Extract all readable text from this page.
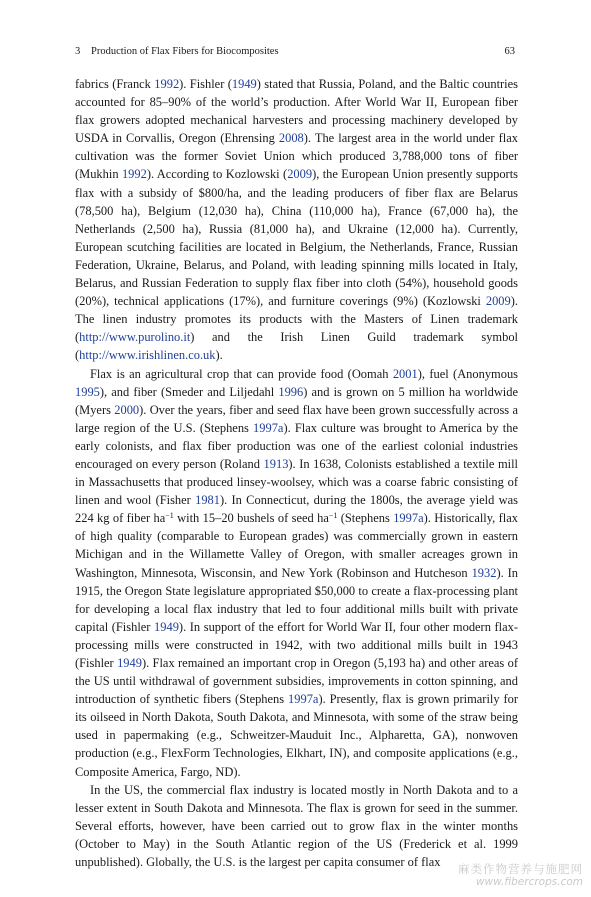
3 Production of Flax Fibers for Biocomposites	63

fabrics (Franck 1992). Fishler (1949) stated that Russia, Poland, and the Baltic countries accounted for 85–90% of the world’s production. After World War II, European fiber flax growers adopted mechanical harvesters and processing machinery developed by USDA in Corvallis, Oregon (Ehrensing 2008). The largest area in the world under flax cultivation was the former Soviet Union which produced 3,788,000 tons of fiber (Mukhin 1992). According to Kozlowski (2009), the European Union presently supports flax with a subsidy of $800/ha, and the leading producers of fiber flax are Belarus (78,500 ha), Belgium (12,030 ha), China (110,000 ha), France (67,000 ha), the Netherlands (2,500 ha), Russia (81,000 ha), and Ukraine (12,000 ha). Currently, European scutching facilities are located in Belgium, the Netherlands, France, Russian Federation, Ukraine, Belarus, and Poland, with leading spinning mills located in Italy, Belarus, and Russian Federation to supply flax fiber into cloth (54%), household goods (20%), technical applications (17%), and furniture coverings (9%) (Kozlowski 2009). The linen industry promotes its products with the Masters of Linen trademark (http://www.purolino.it) and the Irish Linen Guild trademark symbol (http://www.irishlinen.co.uk).

Flax is an agricultural crop that can provide food (Oomah 2001), fuel (Anonymous 1995), and fiber (Smeder and Liljedahl 1996) and is grown on 5 million ha worldwide (Myers 2000). Over the years, fiber and seed flax have been grown successfully across a large region of the U.S. (Stephens 1997a). Flax culture was brought to America by the early colonists, and flax fiber production was one of the earliest colonial industries encouraged on every person (Roland 1913). In 1638, Colonists established a textile mill in Massachusetts that produced linsey-woolsey, which was a coarse fabric consisting of linen and wool (Fisher 1981). In Connecticut, during the 1800s, the average yield was 224 kg of fiber $ha^{-1}$ with 15–20 bushels of seed $ha^{-1}$ (Stephens 1997a). Historically, flax of high quality (comparable to European grades) was commercially grown in eastern Michigan and in the Willamette Valley of Oregon, with smaller acreages grown in Washington, Minnesota, Wisconsin, and New York (Robinson and Hutcheson 1932). In 1915, the Oregon State legislature appropriated $50,000 to create a flax-processing plant for developing a local flax industry that led to four additional mills built with private capital (Fishler 1949). In support of the effort for World War II, four other modern flax-processing mills were constructed in 1942, with two additional mills built in 1943 (Fishler 1949). Flax remained an important crop in Oregon (5,193 ha) and other areas of the US until withdrawal of government subsidies, improvements in cotton spinning, and introduction of synthetic fibers (Stephens 1997a). Presently, flax is grown primarily for its oilseed in North Dakota, South Dakota, and Minnesota, with some of the straw being used in papermaking (e.g., Schweitzer-Mauduit Inc., Alpharetta, GA), nonwoven production (e.g., FlexForm Technologies, Elkhart, IN), and composite applications (e.g., Composite America, Fargo, ND).

In the US, the commercial flax industry is located mostly in North Dakota and to a lesser extent in South Dakota and Minnesota. The flax is grown for seed in the summer. Several efforts, however, have been carried out to grow flax in the winter months (October to May) in the South Atlantic region of the US (Frederick et al. 1999 unpublished). Globally, the U.S. is the largest per capita consumer of flax	麻类作物营养与施肥网
www.fibercrops.com
